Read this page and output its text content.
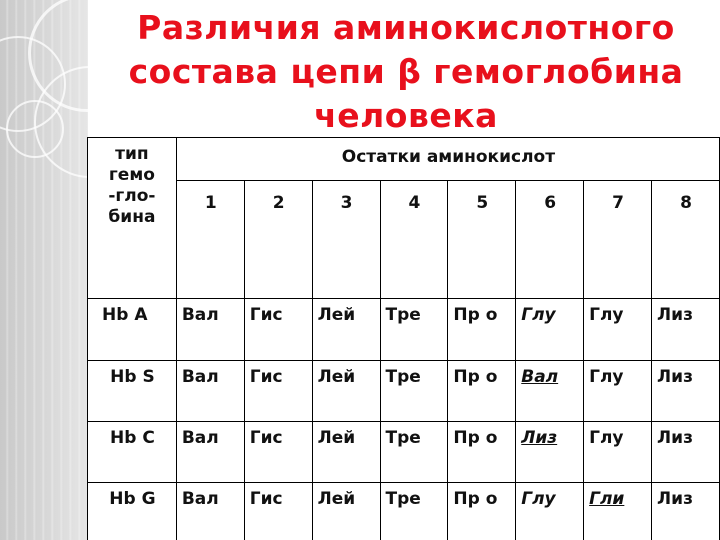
Различия аминокислотного
состава цепи β гемоглобина
человека
тип гемо -гло- бина	Остатки аминокислот							
	1	2	3	4	5	6	7	8
Hb A	Вал	Гис	Лей	Тре	Пр о	Глу	Глу	Лиз
Hb S	Вал	Гис	Лей	Тре	Пр о	Вал	Глу	Лиз
Hb C	Вал	Гис	Лей	Тре	Пр о	Лиз	Глу	Лиз
Hb G	Вал	Гис	Лей	Тре	Пр о	Глу	Гли	Лиз
